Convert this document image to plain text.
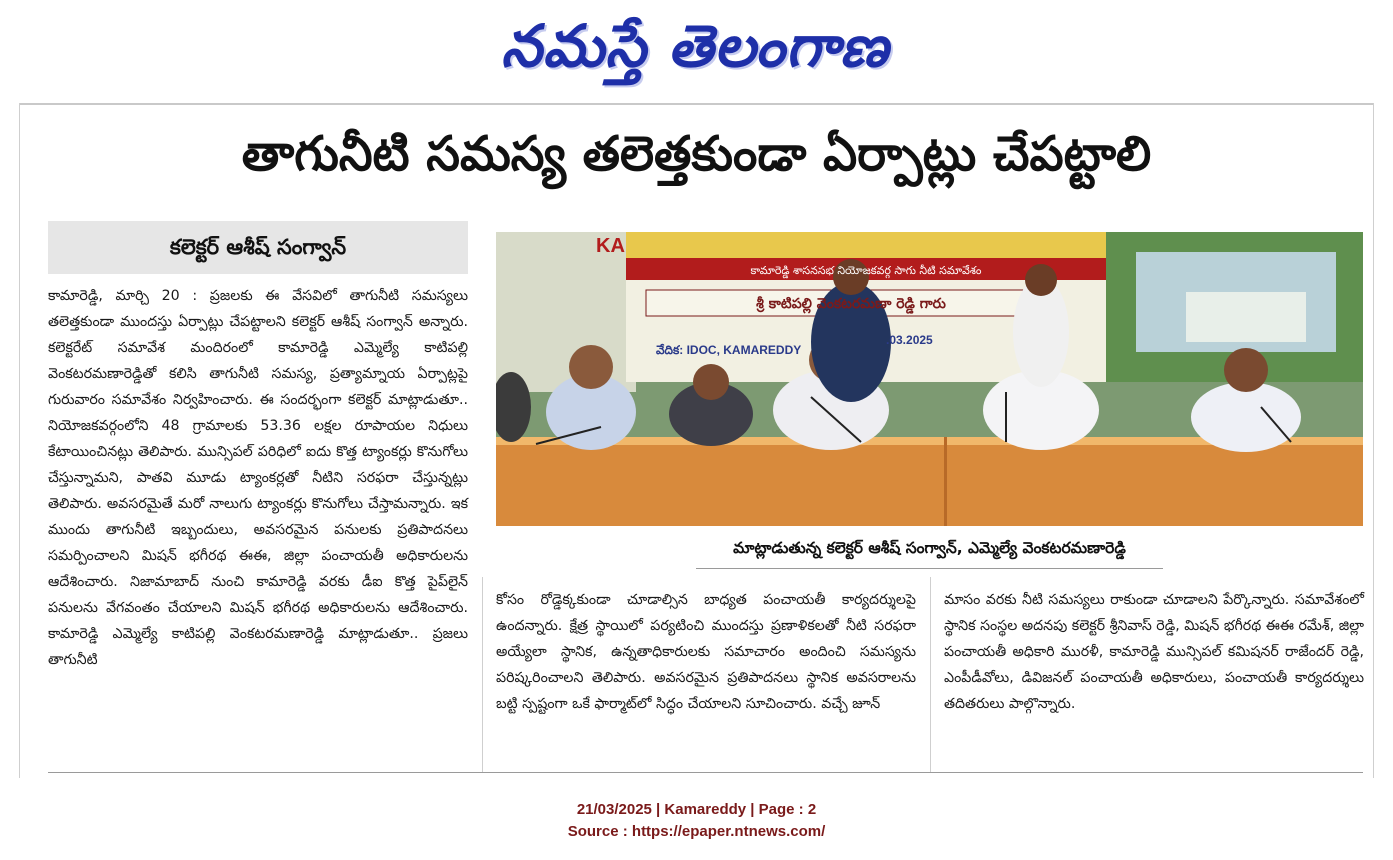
నమస్తే తెలంగాణ
తాగునీటి సమస్య తలెత్తకుండా ఏర్పాట్లు చేపట్టాలి
కలెక్టర్ ఆశీష్ సంగ్వాన్

కామారెడ్డి, మార్చి 20 : ప్రజలకు ఈ వేసవిలో తాగునీటి సమస్యలు తలెత్తకుండా ముందస్తు ఏర్పాట్లు చేపట్టాలని కలెక్టర్ ఆశీష్ సంగ్వాన్ అన్నారు. కలెక్టరేట్ సమావేశ మందిరంలో కామారెడ్డి ఎమ్మెల్యే కాటిపల్లి వెంకటరమణారెడ్డితో కలిసి తాగునీటి సమస్య, ప్రత్యామ్నాయ ఏర్పాట్లపై గురువారం సమావేశం నిర్వహించారు. ఈ సందర్భంగా కలెక్టర్ మాట్లాడుతూ.. నియోజకవర్గంలోని 48 గ్రామాలకు 53.36 లక్షల రూపాయల నిధులు కేటాయించినట్లు తెలిపారు. మున్సిపల్ పరిధిలో ఐదు కొత్త ట్యాంకర్లు కొనుగోలు చేస్తున్నామని, పాతవి మూడు ట్యాంకర్లతో నీటిని సరఫరా చేస్తున్నట్లు తెలిపారు. అవసరమైతే మరో నాలుగు ట్యాంకర్లు కొనుగోలు చేస్తామన్నారు. ఇక ముందు తాగునీటి ఇబ్బందులు, అవసరమైన పనులకు ప్రతిపాదనలు సమర్పించాలని మిషన్ భగీరథ ఈఈ, జిల్లా పంచాయతీ అధికారులను ఆదేశించారు. నిజామాబాద్ నుంచి కామారెడ్డి వరకు డీఐ కొత్త పైప్‌లైన్ పనులను వేగవంతం చేయాలని మిషన్ భగీరథ అధికారులను ఆదేశించారు. కామారెడ్డి ఎమ్మెల్యే కాటిపల్లి వెంకటరమణారెడ్డి మాట్లాడుతూ.. ప్రజలు తాగునీటి

KA
కామారెడ్డి శాసనసభ నియోజకవర్గ సాగు నీటి సమావేశం
శ్రీ కాటిపల్లి వెంకటరమణా రెడ్డి గారు
వేదిక: IDOC, KAMAREDDY
.03.2025
మాట్లాడుతున్న కలెక్టర్ ఆశీష్ సంగ్వాన్, ఎమ్మెల్యే వెంకటరమణారెడ్డి

కోసం రోడ్డెక్కకుండా చూడాల్సిన బాధ్యత పంచాయతీ కార్యదర్శులపై ఉందన్నారు. క్షేత్ర స్థాయిలో పర్యటించి ముందస్తు ప్రణాళికలతో నీటి సరఫరా అయ్యేలా స్థానిక, ఉన్నతాధికారులకు సమాచారం అందించి సమస్యను పరిష్కరించాలని తెలిపారు. అవసరమైన ప్రతిపాదనలు స్థానిక అవసరాలను బట్టి స్పష్టంగా ఒకే ఫార్మాట్‌లో సిద్ధం చేయాలని సూచించారు. వచ్చే జూన్

మాసం వరకు నీటి సమస్యలు రాకుండా చూడాలని పేర్కొన్నారు. సమావేశంలో స్థానిక సంస్థల అదనపు కలెక్టర్ శ్రీనివాస్ రెడ్డి, మిషన్ భగీరథ ఈఈ రమేశ్, జిల్లా పంచాయతీ అధికారి మురళీ, కామారెడ్డి మున్సిపల్ కమిషనర్ రాజేందర్ రెడ్డి, ఎంపీడీవోలు, డివిజనల్ పంచాయతీ అధికారులు, పంచాయతీ కార్యదర్శులు తదితరులు పాల్గొన్నారు.

21/03/2025 | Kamareddy | Page : 2
Source : https://epaper.ntnews.com/
